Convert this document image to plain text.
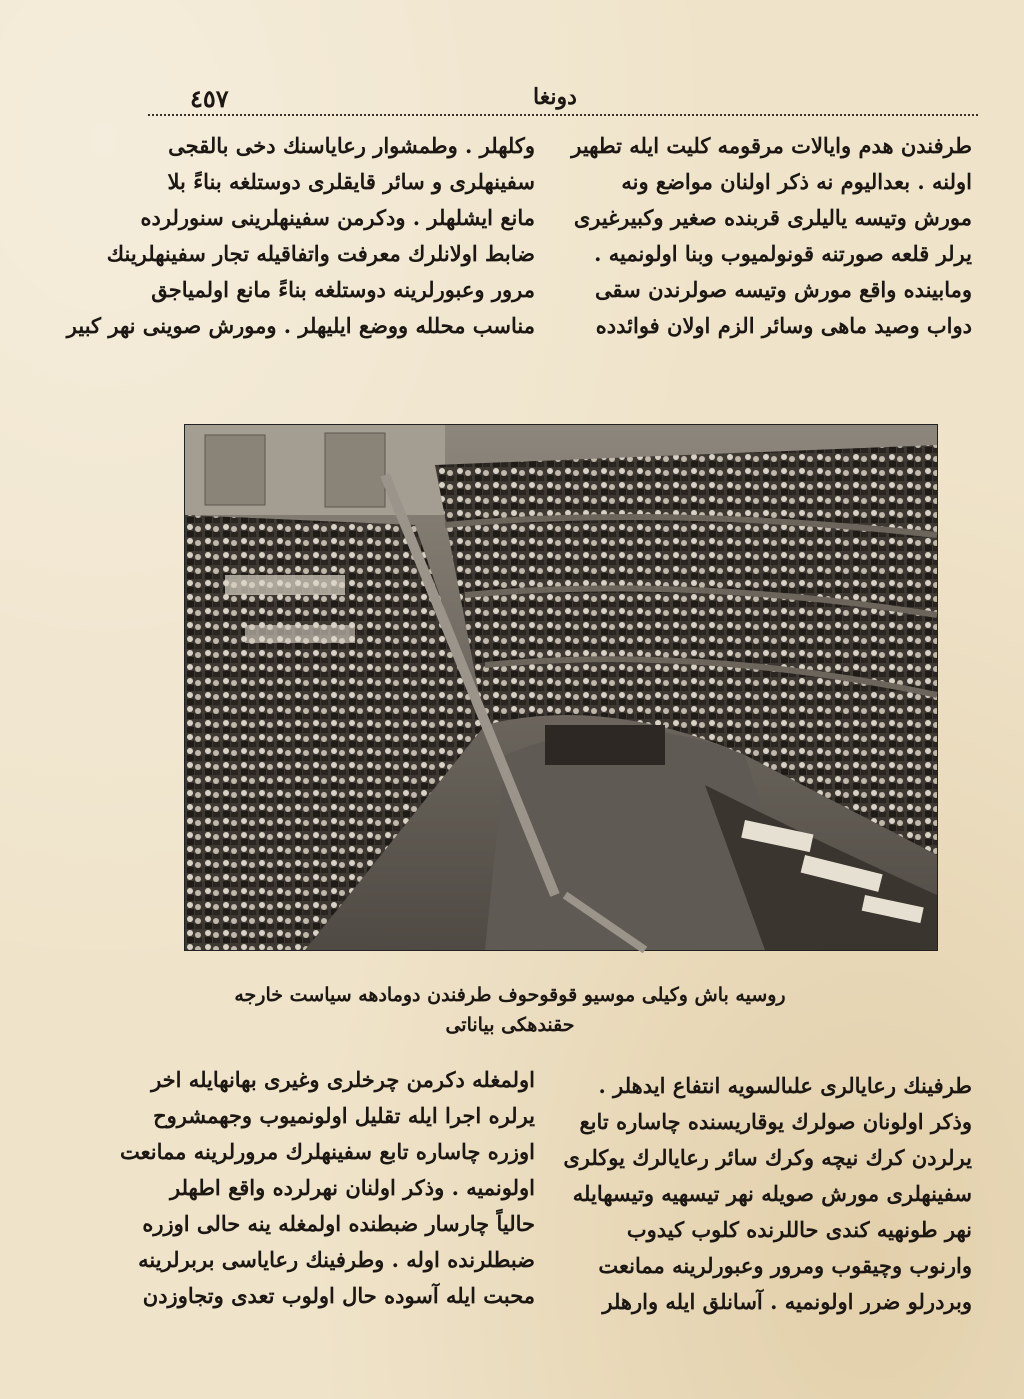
٤٥٧	دونغا
طرفندن هدم وايالات مرقومه كليت ايله تطهير
اولنه . بعداليوم نه ذكر اولنان مواضع ونه
مورش وتيسه ياليلرى قربنده صغير وكبيرغيرى
يرلر قلعه صورتنه قونولميوب وبنا اولونميه .
ومابينده واقع مورش وتيسه صولرندن سقى
دواب وصيد ماهى وسائر الزم اولان فوائدده
وكلهلر . وطمشوار رعاياسنك دخى بالقجى
سفينهلرى و سائر قايقلرى دوستلغه بناءً بلا
مانع ايشلهلر . ودكرمن سفينهلرينى سنورلرده
ضابط اولانلرك معرفت واتفاقيله تجار سفينهلرينك
مرور وعبورلرينه دوستلغه بناءً مانع اولمياجق
مناسب محلله ووضع ايليهلر . ومورش صوينى نهر كبير
روسيه باش وكيلى موسيو قوقوحوف طرفندن دومادهه سياست خارجه
حقندهكى بياناتى
طرفينك رعايالرى علىالسويه انتفاع ايدهلر .
وذكر اولونان صولرك يوقاريسنده چاساره تابع
يرلردن كرك نيچه وكرك سائر رعايالرك يوكلرى
سفينهلرى مورش صويله نهر تيسهيه وتيسهايله
نهر طونهيه كندى حاللرنده كلوب كيدوب
وارنوب وچيقوب ومرور وعبورلرينه ممانعت
وبردرلو ضرر اولونميه . آسانلق ايله وارهلر
اولمغله دكرمن چرخلرى وغيرى بهانهايله اخر
يرلره اجرا ايله تقليل اولونميوب وجهمشروح
اوزره چاساره تابع سفينهلرك مرورلرينه ممانعت
اولونميه . وذكر اولنان نهرلرده واقع اطهلر
حالياً چارسار ضبطنده اولمغله ينه حالى اوزره
ضبطلرنده اوله . وطرفينك رعاياسى بربرلرينه
محبت ايله آسوده حال اولوب تعدى وتجاوزدن
